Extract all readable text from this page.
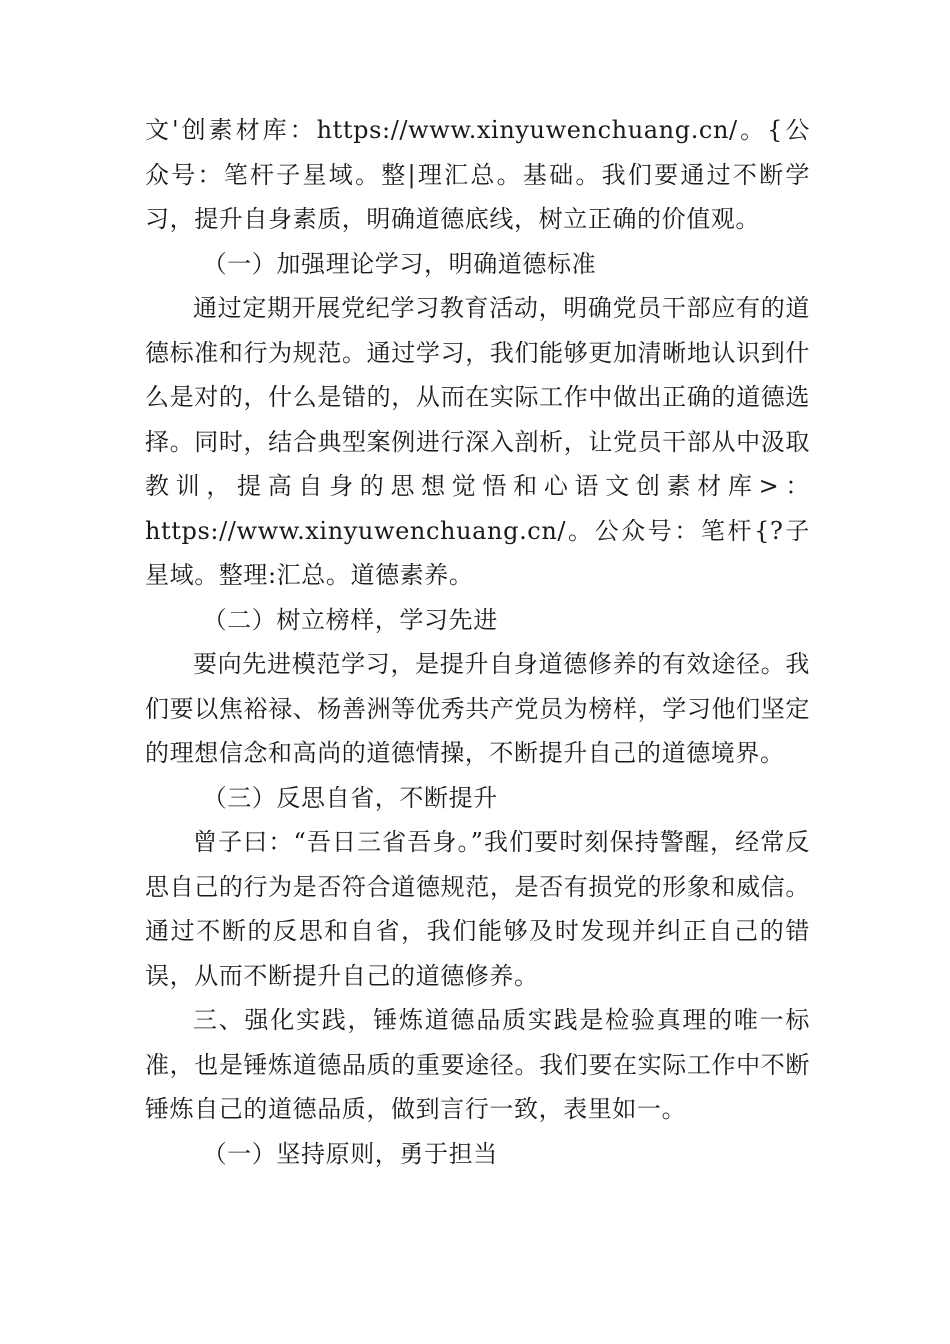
文'创素材库：https://www.xinyuwenchuang.cn/。{公众号：笔杆子星域。整|理汇总。基础。我们要通过不断学习，提升自身素质，明确道德底线，树立正确的价值观。

（一）加强理论学习，明确道德标准

通过定期开展党纪学习教育活动，明确党员干部应有的道德标准和行为规范。通过学习，我们能够更加清晰地认识到什么是对的，什么是错的，从而在实际工作中做出正确的道德选择。同时，结合典型案例进行深入剖析，让党员干部从中汲取教训，提高自身的思想觉悟和心语文创素材库>：https://www.xinyuwenchuang.cn/。公众号：笔杆{?子星域。整理:汇总。道德素养。

（二）树立榜样，学习先进

要向先进模范学习，是提升自身道德修养的有效途径。我们要以焦裕禄、杨善洲等优秀共产党员为榜样，学习他们坚定的理想信念和高尚的道德情操，不断提升自己的道德境界。

（三）反思自省，不断提升

曾子曰：“吾日三省吾身。”我们要时刻保持警醒，经常反思自己的行为是否符合道德规范，是否有损党的形象和威信。通过不断的反思和自省，我们能够及时发现并纠正自己的错误，从而不断提升自己的道德修养。

三、强化实践，锤炼道德品质实践是检验真理的唯一标准，也是锤炼道德品质的重要途径。我们要在实际工作中不断锤炼自己的道德品质，做到言行一致，表里如一。

（一）坚持原则，勇于担当
